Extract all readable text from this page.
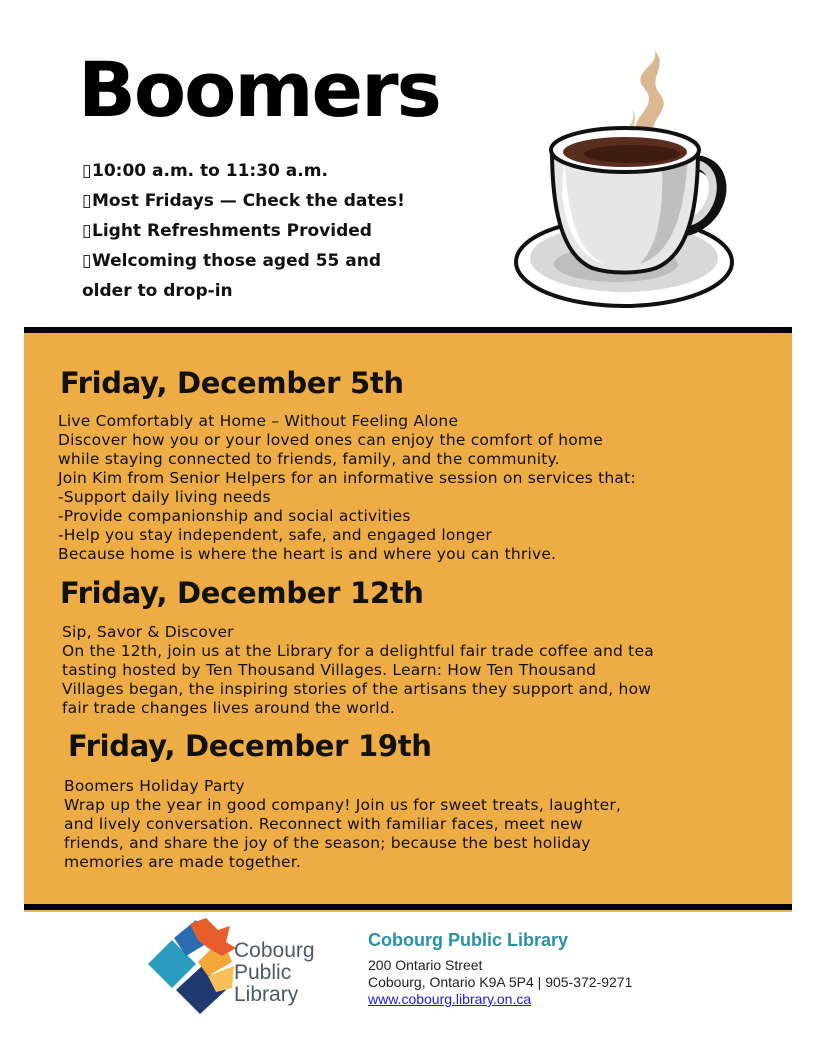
Boomers
▯10:00 a.m. to 11:30 a.m.
▯Most Fridays — Check the dates!
▯Light Refreshments Provided
▯Welcoming those aged 55 and older to drop-in
Friday, December 5th
Live Comfortably at Home – Without Feeling Alone
Discover how you or your loved ones can enjoy the comfort of home
while staying connected to friends, family, and the community.
Join Kim from Senior Helpers for an informative session on services that:
-Support daily living needs
-Provide companionship and social activities
-Help you stay independent, safe, and engaged longer
Because home is where the heart is and where you can thrive.
Friday, December 12th
Sip, Savor & Discover
On the 12th, join us at the Library for a delightful fair trade coffee and tea
tasting hosted by Ten Thousand Villages. Learn: How Ten Thousand
Villages began, the inspiring stories of the artisans they support and, how
fair trade changes lives around the world.
Friday, December 19th
Boomers Holiday Party
Wrap up the year in good company! Join us for sweet treats, laughter,
and lively conversation. Reconnect with familiar faces, meet new
friends, and share the joy of the season; because the best holiday
memories are made together.
Cobourg
Public
Library
Cobourg Public Library
200 Ontario Street
Cobourg, Ontario K9A 5P4 | 905-372-9271
www.cobourg.library.on.ca
